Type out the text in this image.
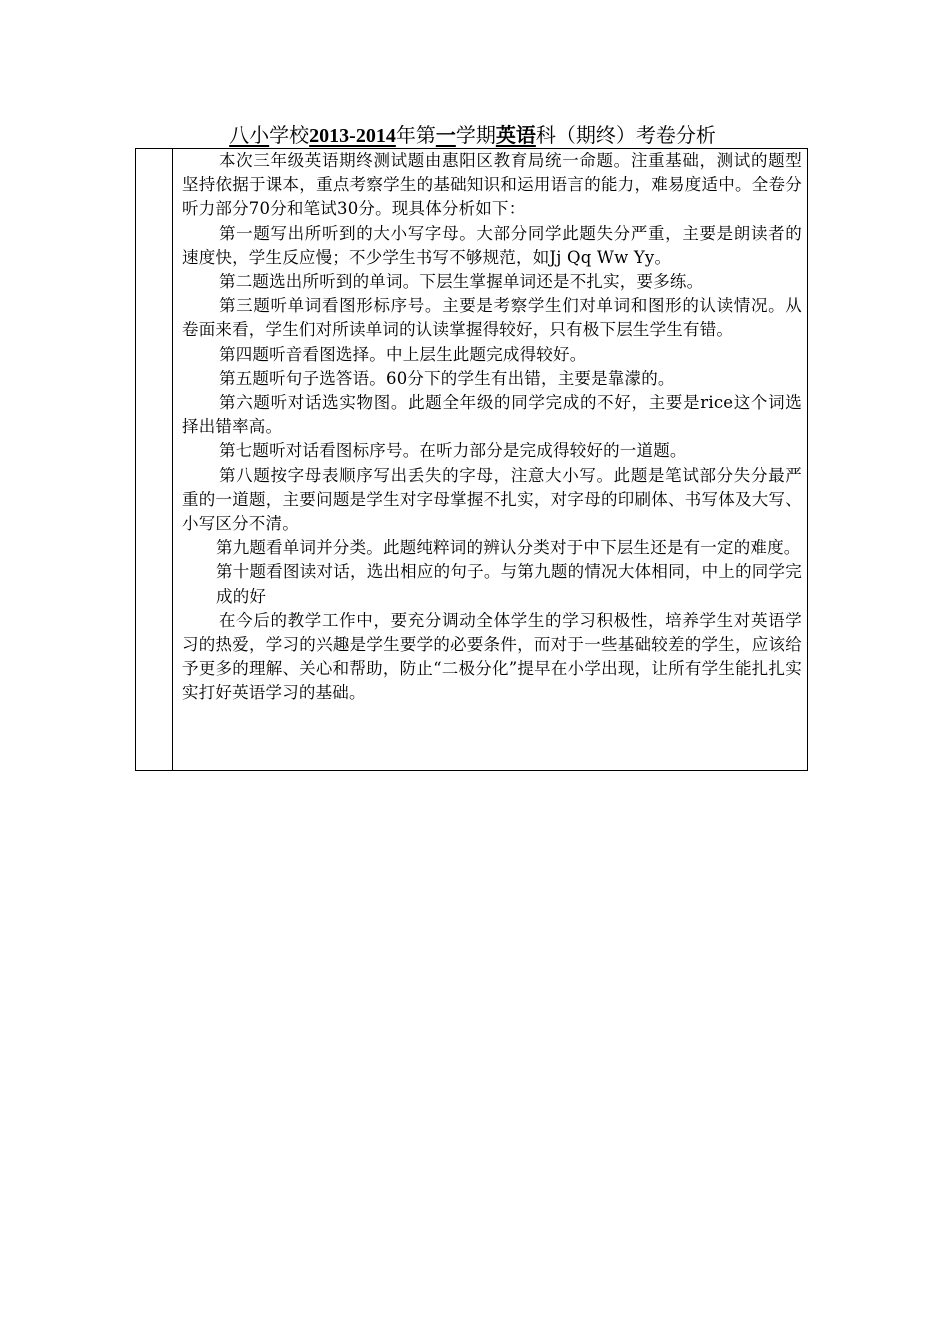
八小学校2013-2014年第一学期英语科（期终）考卷分析

本次三年级英语期终测试题由惠阳区教育局统一命题。注重基础，测试的题型坚持依据于课本，重点考察学生的基础知识和运用语言的能力，难易度适中。全卷分听力部分70分和笔试30分。现具体分析如下：

第一题写出所听到的大小写字母。大部分同学此题失分严重，主要是朗读者的速度快，学生反应慢；不少学生书写不够规范，如Jj Qq Ww Yy。

第二题选出所听到的单词。下层生掌握单词还是不扎实，要多练。

第三题听单词看图形标序号。主要是考察学生们对单词和图形的认读情况。从卷面来看，学生们对所读单词的认读掌握得较好，只有极下层生学生有错。

第四题听音看图选择。中上层生此题完成得较好。

第五题听句子选答语。60分下的学生有出错，主要是靠濛的。

第六题听对话选实物图。此题全年级的同学完成的不好，主要是rice这个词选择出错率高。

第七题听对话看图标序号。在听力部分是完成得较好的一道题。

第八题按字母表顺序写出丢失的字母，注意大小写。此题是笔试部分失分最严重的一道题，主要问题是学生对字母掌握不扎实，对字母的印刷体、书写体及大写、小写区分不清。

第九题看单词并分类。此题纯粹词的辨认分类对于中下层生还是有一定的难度。

第十题看图读对话，选出相应的句子。与第九题的情况大体相同，中上的同学完成的好

在今后的教学工作中，要充分调动全体学生的学习积极性，培养学生对英语学习的热爱，学习的兴趣是学生要学的必要条件，而对于一些基础较差的学生，应该给予更多的理解、关心和帮助，防止“二极分化”提早在小学出现，让所有学生能扎扎实实打好英语学习的基础。
